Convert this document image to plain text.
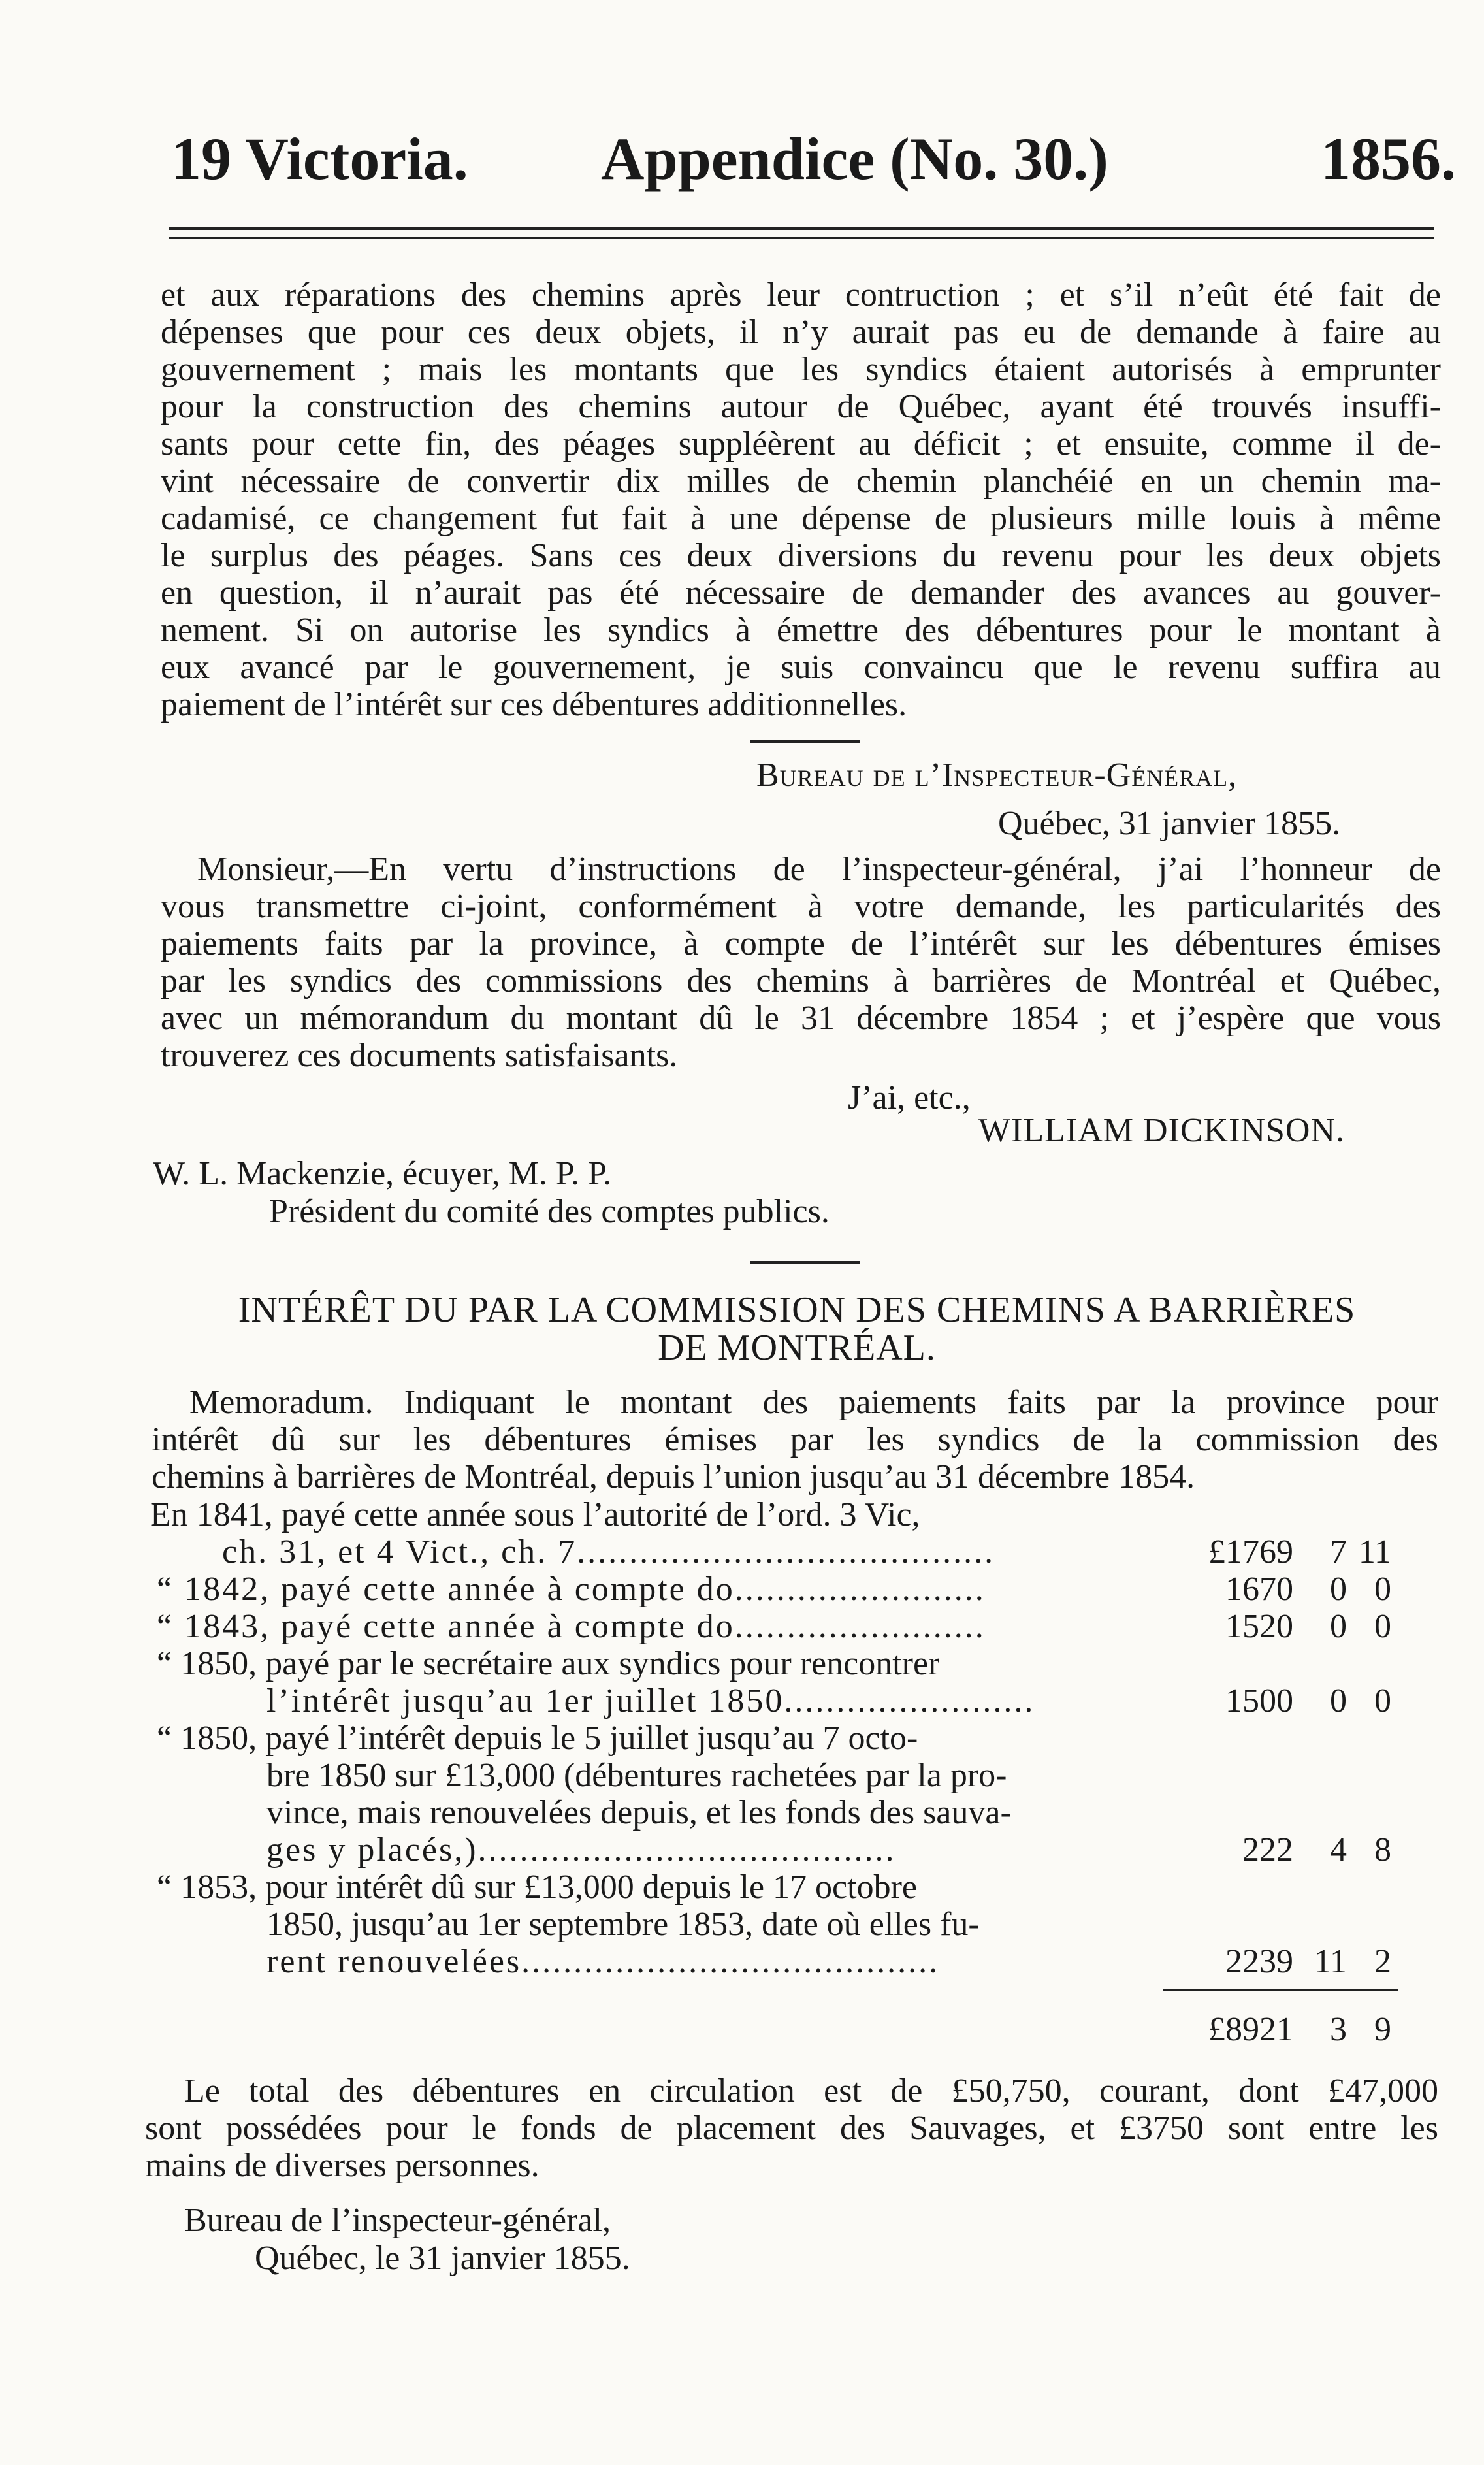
19 Victoria. Appendice (No. 30.)	1856.
et aux réparations des chemins après leur contruction ; et s’il n’eût été fait de
dépenses que pour ces deux objets, il n’y aurait pas eu de demande à faire au
gouvernement ; mais les montants que les syndics étaient autorisés à emprunter
pour la construction des chemins autour de Québec, ayant été trouvés insuffi-
sants pour cette fin, des péages suppléèrent au déficit ; et ensuite, comme il de-
vint nécessaire de convertir dix milles de chemin planchéié en un chemin ma-
cadamisé, ce changement fut fait à une dépense de plusieurs mille louis à même
le surplus des péages. Sans ces deux diversions du revenu pour les deux objets
en question, il n’aurait pas été nécessaire de demander des avances au gouver-
nement. Si on autorise les syndics à émettre des débentures pour le montant à
eux avancé par le gouvernement, je suis convaincu que le revenu suffira au
paiement de l’intérêt sur ces débentures additionnelles.
Bureau de l’Inspecteur-Général,
Québec, 31 janvier 1855.
Monsieur,—En vertu d’instructions de l’inspecteur-général, j’ai l’honneur de
vous transmettre ci-joint, conformément à votre demande, les particularités des
paiements faits par la province, à compte de l’intérêt sur les débentures émises
par les syndics des commissions des chemins à barrières de Montréal et Québec,
avec un mémorandum du montant dû le 31 décembre 1854 ; et j’espère que vous
trouverez ces documents satisfaisants.
J’ai, etc.,
WILLIAM DICKINSON.
W. L. Mackenzie, écuyer, M. P. P.
Président du comité des comptes publics.
INTÉRÊT DU PAR LA COMMISSION DES CHEMINS A BARRIÈRES
DE MONTRÉAL.
Memoradum. Indiquant le montant des paiements faits par la province pour
intérêt dû sur les débentures émises par les syndics de la commission des
chemins à barrières de Montréal, depuis l’union jusqu’au 31 décembre 1854.
En 1841, payé cette année sous l’autorité de l’ord. 3 Vic,
ch. 31, et 4 Vict., ch. 7........................................	£1769 7 11
“ 1842, payé cette année à compte do........................	1670 0 0
“ 1843, payé cette année à compte do........................	1520 0 0
“ 1850, payé par le secrétaire aux syndics pour rencontrer
l’intérêt jusqu’au 1er juillet 1850........................	1500 0 0
“ 1850, payé l’intérêt depuis le 5 juillet jusqu’au 7 octo-
bre 1850 sur £13,000 (débentures rachetées par la pro-
vince, mais renouvelées depuis, et les fonds des sauva-
ges y placés,)........................................	222 4 8
“ 1853, pour intérêt dû sur £13,000 depuis le 17 octobre
1850, jusqu’au 1er septembre 1853, date où elles fu-
rent renouvelées........................................	2239 11 2
£8921 3 9
Le total des débentures en circulation est de £50,750, courant, dont £47,000
sont possédées pour le fonds de placement des Sauvages, et £3750 sont entre les
mains de diverses personnes.
Bureau de l’inspecteur-général,
Québec, le 31 janvier 1855.
